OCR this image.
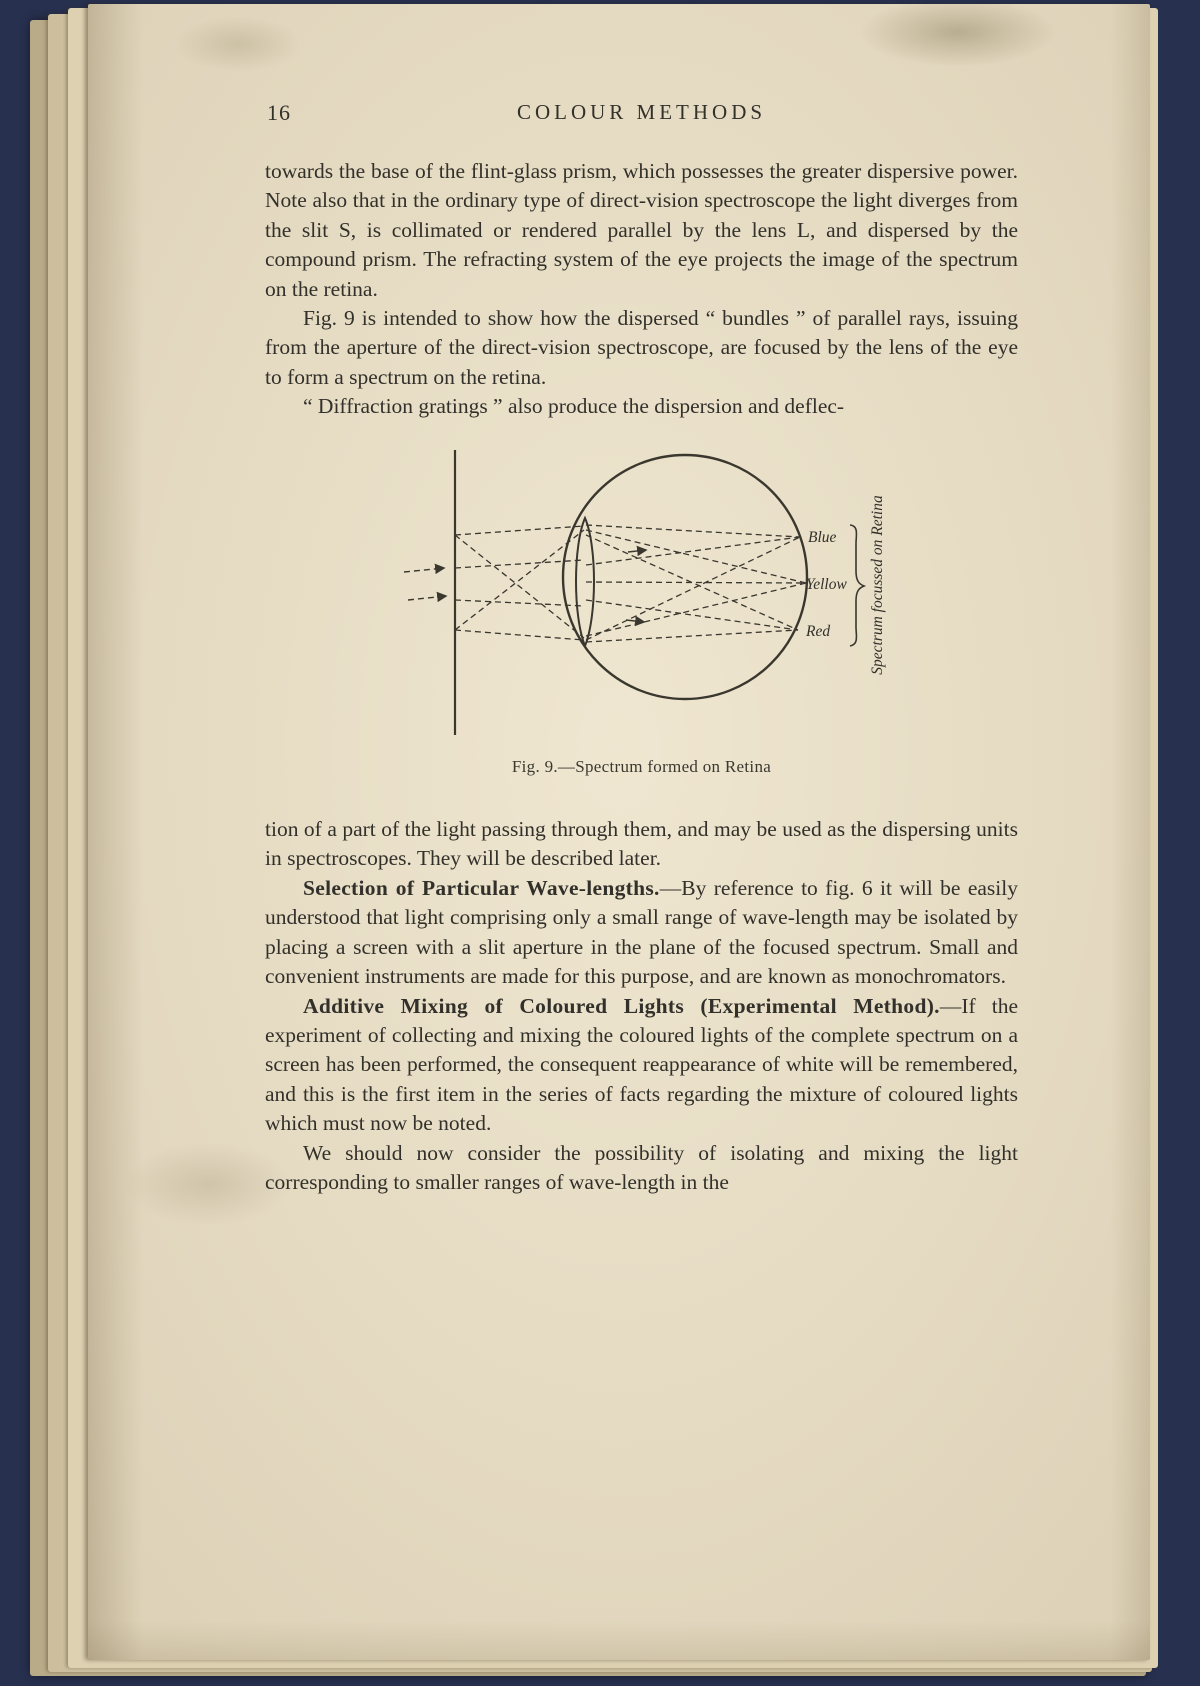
16	COLOUR METHODS

towards the base of the flint-glass prism, which possesses the greater dispersive power. Note also that in the ordinary type of direct-vision spectroscope the light diverges from the slit S, is collimated or rendered parallel by the lens L, and dispersed by the compound prism. The refracting system of the eye projects the image of the spectrum on the retina.

Fig. 9 is intended to show how the dispersed “ bundles ” of parallel rays, issuing from the aperture of the direct-vision spectroscope, are focused by the lens of the eye to form a spectrum on the retina.

“ Diffraction gratings ” also produce the dispersion and deflec-

Blue
Yellow
Red	Spectrum focussed on Retina
Fig. 9.—Spectrum formed on Retina

tion of a part of the light passing through them, and may be used as the dispersing units in spectroscopes. They will be described later.

Selection of Particular Wave-lengths.—By reference to fig. 6 it will be easily understood that light comprising only a small range of wave-length may be isolated by placing a screen with a slit aperture in the plane of the focused spectrum. Small and convenient instruments are made for this purpose, and are known as monochromators.

Additive Mixing of Coloured Lights (Experimental Method).—If the experiment of collecting and mixing the coloured lights of the complete spectrum on a screen has been performed, the consequent reappearance of white will be remembered, and this is the first item in the series of facts regarding the mixture of coloured lights which must now be noted.

We should now consider the possibility of isolating and mixing the light corresponding to smaller ranges of wave-length in the
